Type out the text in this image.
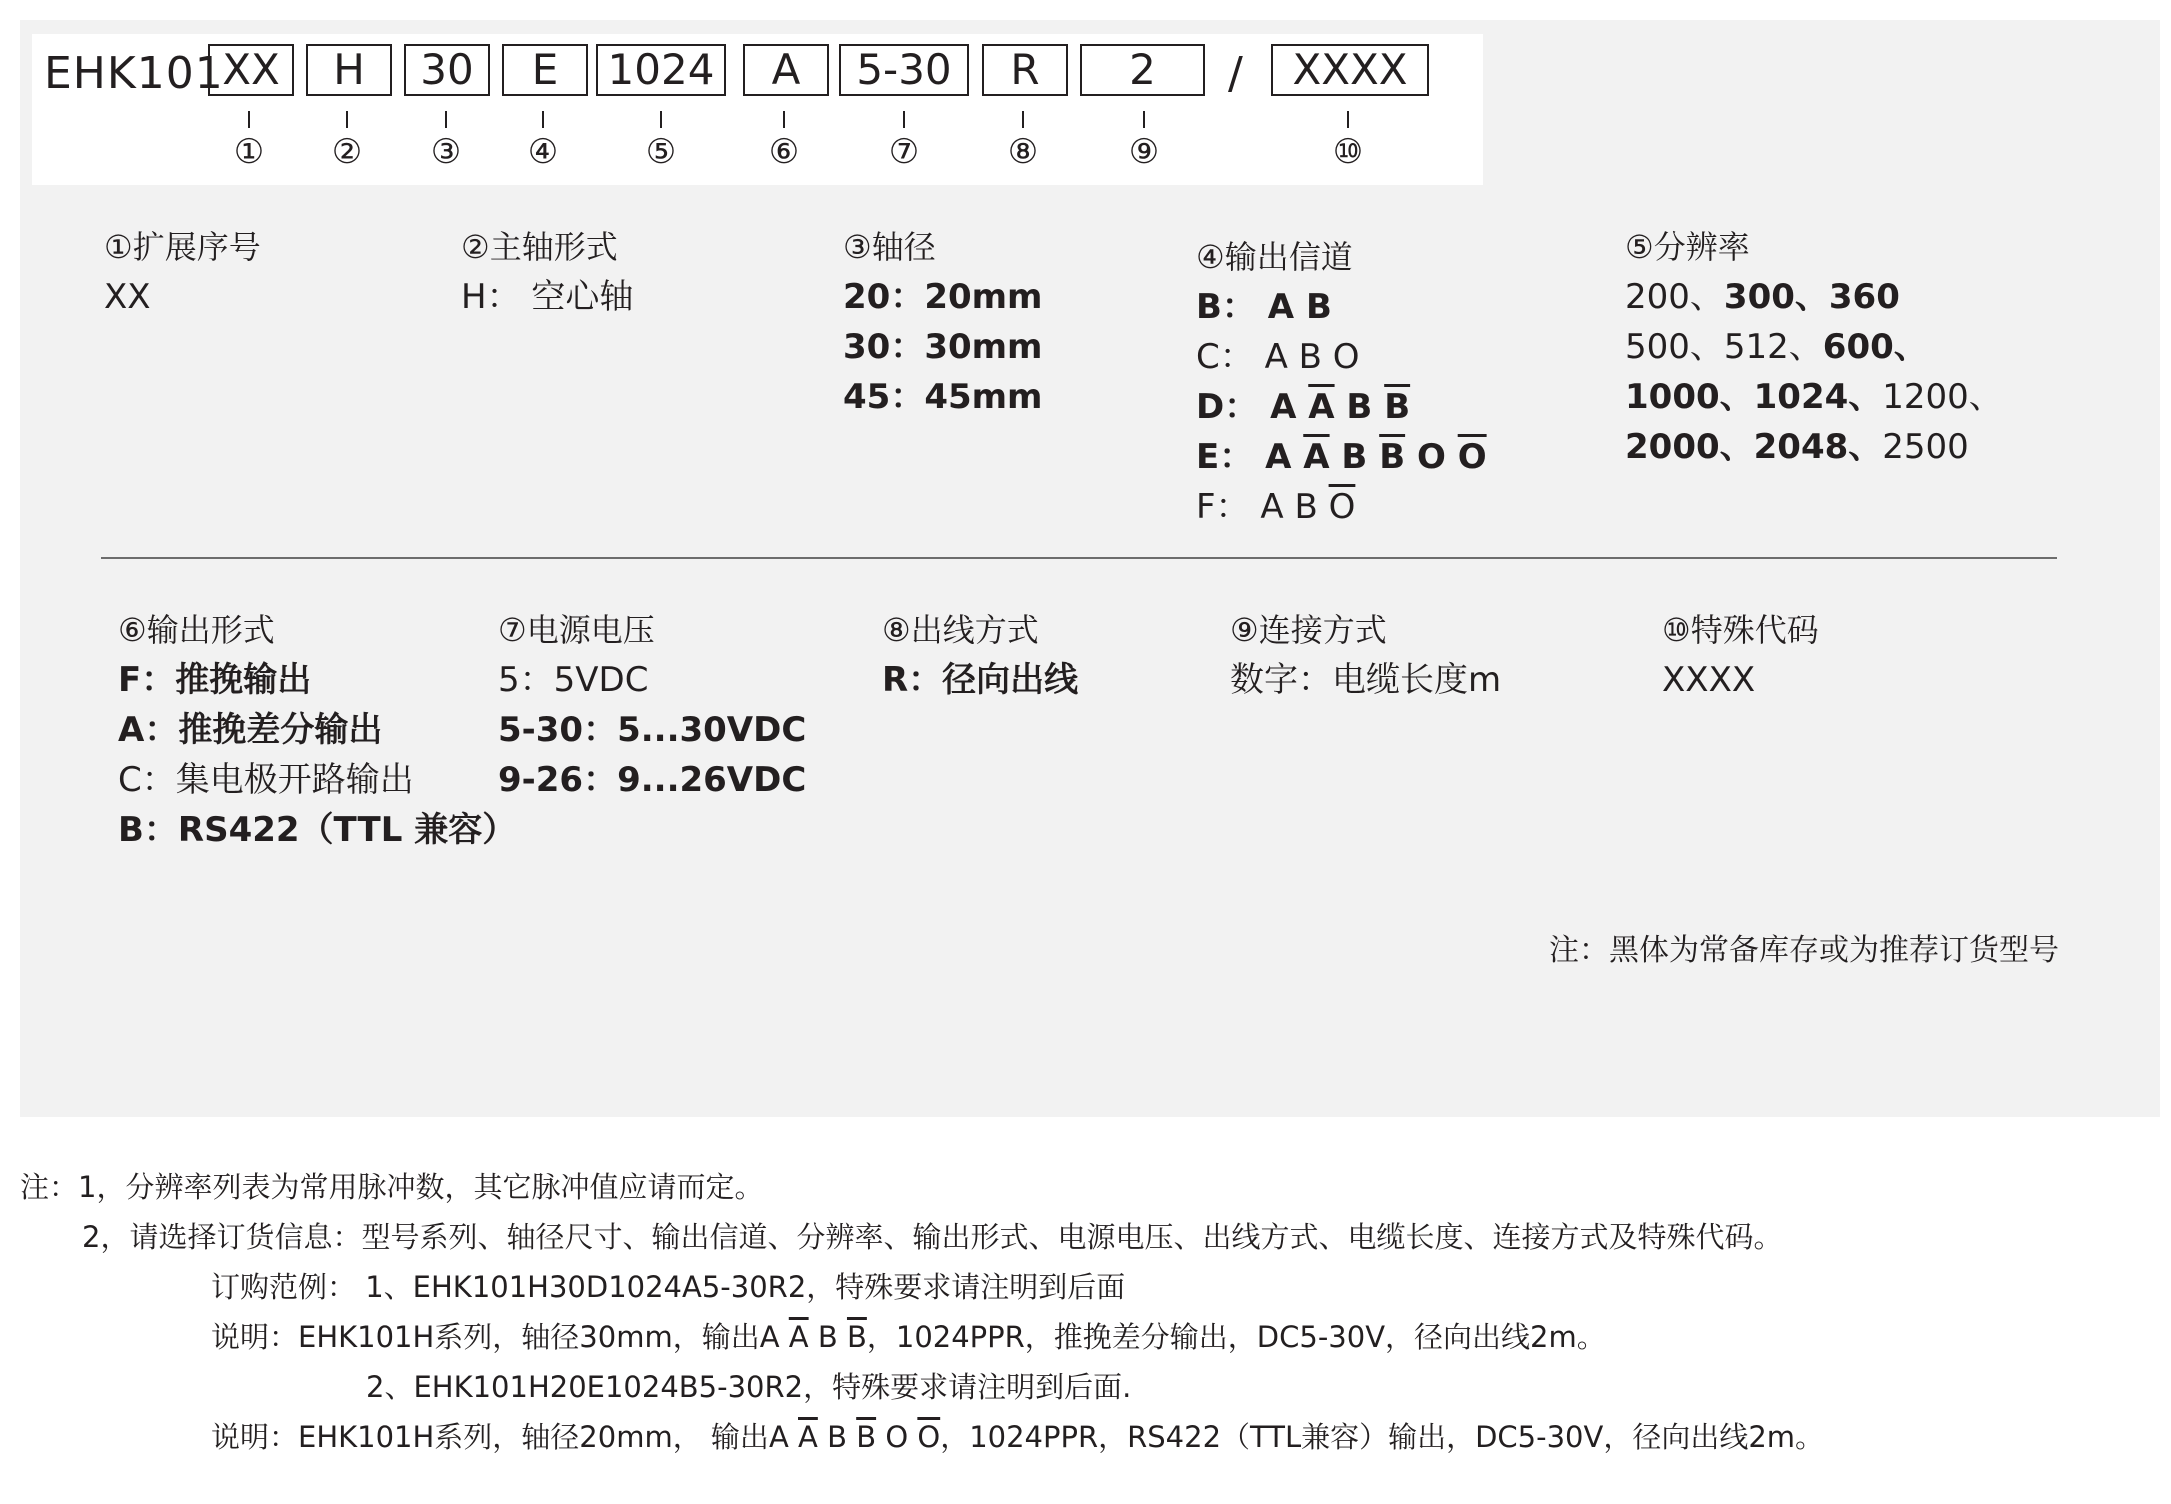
EHK101
XX	H	30	E	1024	A	5-30	R	2	/	XXXX
① ② ③ ④	⑤	⑥	⑦	⑧	⑨	⑩
①扩展序号
XX
②主轴形式
H： 空心轴
③轴径
20：20mm
30：30mm
45：45mm
④输出信道
B： A B
C： A B O
D： A $\overline{A}$ B $\overline{B}$
E： A $\overline{A}$ B $\overline{B}$ O $\overline{O}$
F： A B $\overline{O}$
⑤分辨率
200、300、360
500、512、600、
1000、1024、1200、
2000、2048、2500
⑥输出形式
F：推挽输出
A：推挽差分输出
C：集电极开路输出
B：RS422（TTL 兼容）
⑦电源电压
5：5VDC
5-30：5...30VDC
9-26：9...26VDC
⑧出线方式
R：径向出线
⑨连接方式
数字：电缆长度m
⑩特殊代码
XXXX
注：黑体为常备库存或为推荐订货型号
注：1，分辨率列表为常用脉冲数，其它脉冲值应请而定。
2，请选择订货信息：型号系列、轴径尺寸、输出信道、分辨率、输出形式、电源电压、出线方式、电缆长度、连接方式及特殊代码。
订购范例： 1、EHK101H30D1024A5-30R2，特殊要求请注明到后面
说明：EHK101H系列，轴径30mm，输出A $\overline{A}$ B $\overline{B}$，1024PPR，推挽差分输出，DC5-30V，径向出线2m。
2、EHK101H20E1024B5-30R2，特殊要求请注明到后面.
说明：EHK101H系列，轴径20mm， 输出A $\overline{A}$ B $\overline{B}$ O $\overline{O}$，1024PPR，RS422（TTL兼容）输出，DC5-30V，径向出线2m。
